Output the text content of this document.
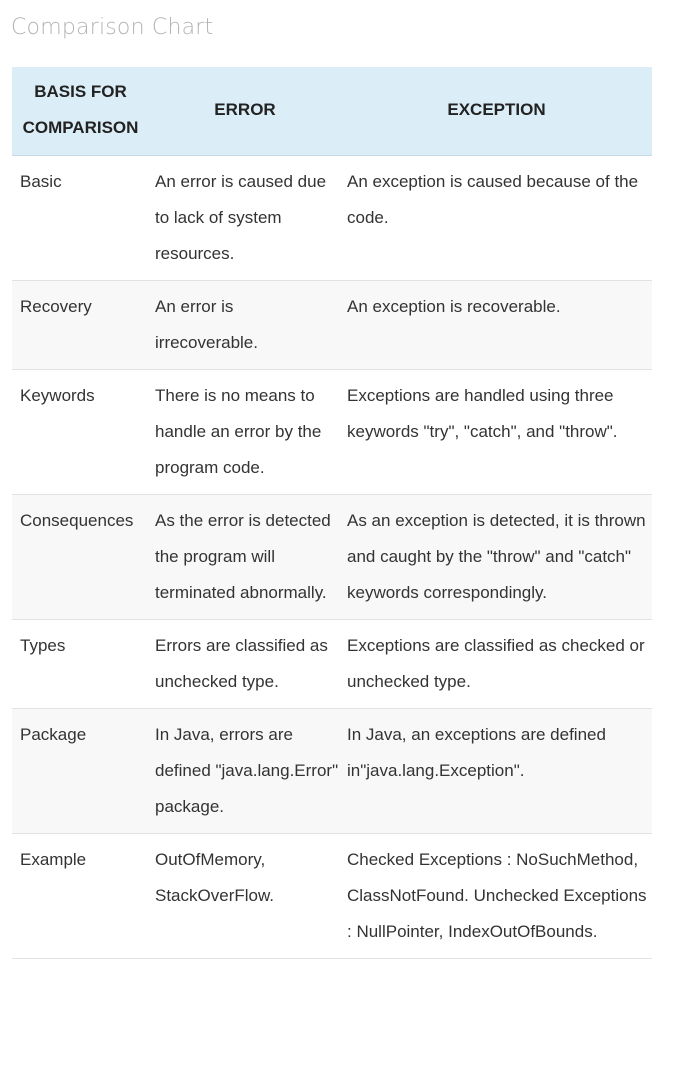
Comparison Chart
BASIS FOR COMPARISON	ERROR	EXCEPTION
Basic	An error is caused due to lack of system resources.	An exception is caused because of the code.
Recovery	An error is irrecoverable.	An exception is recoverable.
Keywords	There is no means to handle an error by the program code.	Exceptions are handled using three keywords "try", "catch", and "throw".
Consequences	As the error is detected the program will terminated abnormally.	As an exception is detected, it is thrown and caught by the "throw" and "catch" keywords correspondingly.
Types	Errors are classified as unchecked type.	Exceptions are classified as checked or unchecked type.
Package	In Java, errors are defined "java.lang.Error" package.	In Java, an exceptions are defined in"java.lang.Exception".
Example	OutOfMemory, StackOverFlow.	Checked Exceptions : NoSuchMethod, ClassNotFound. Unchecked Exceptions : NullPointer, IndexOutOfBounds.
